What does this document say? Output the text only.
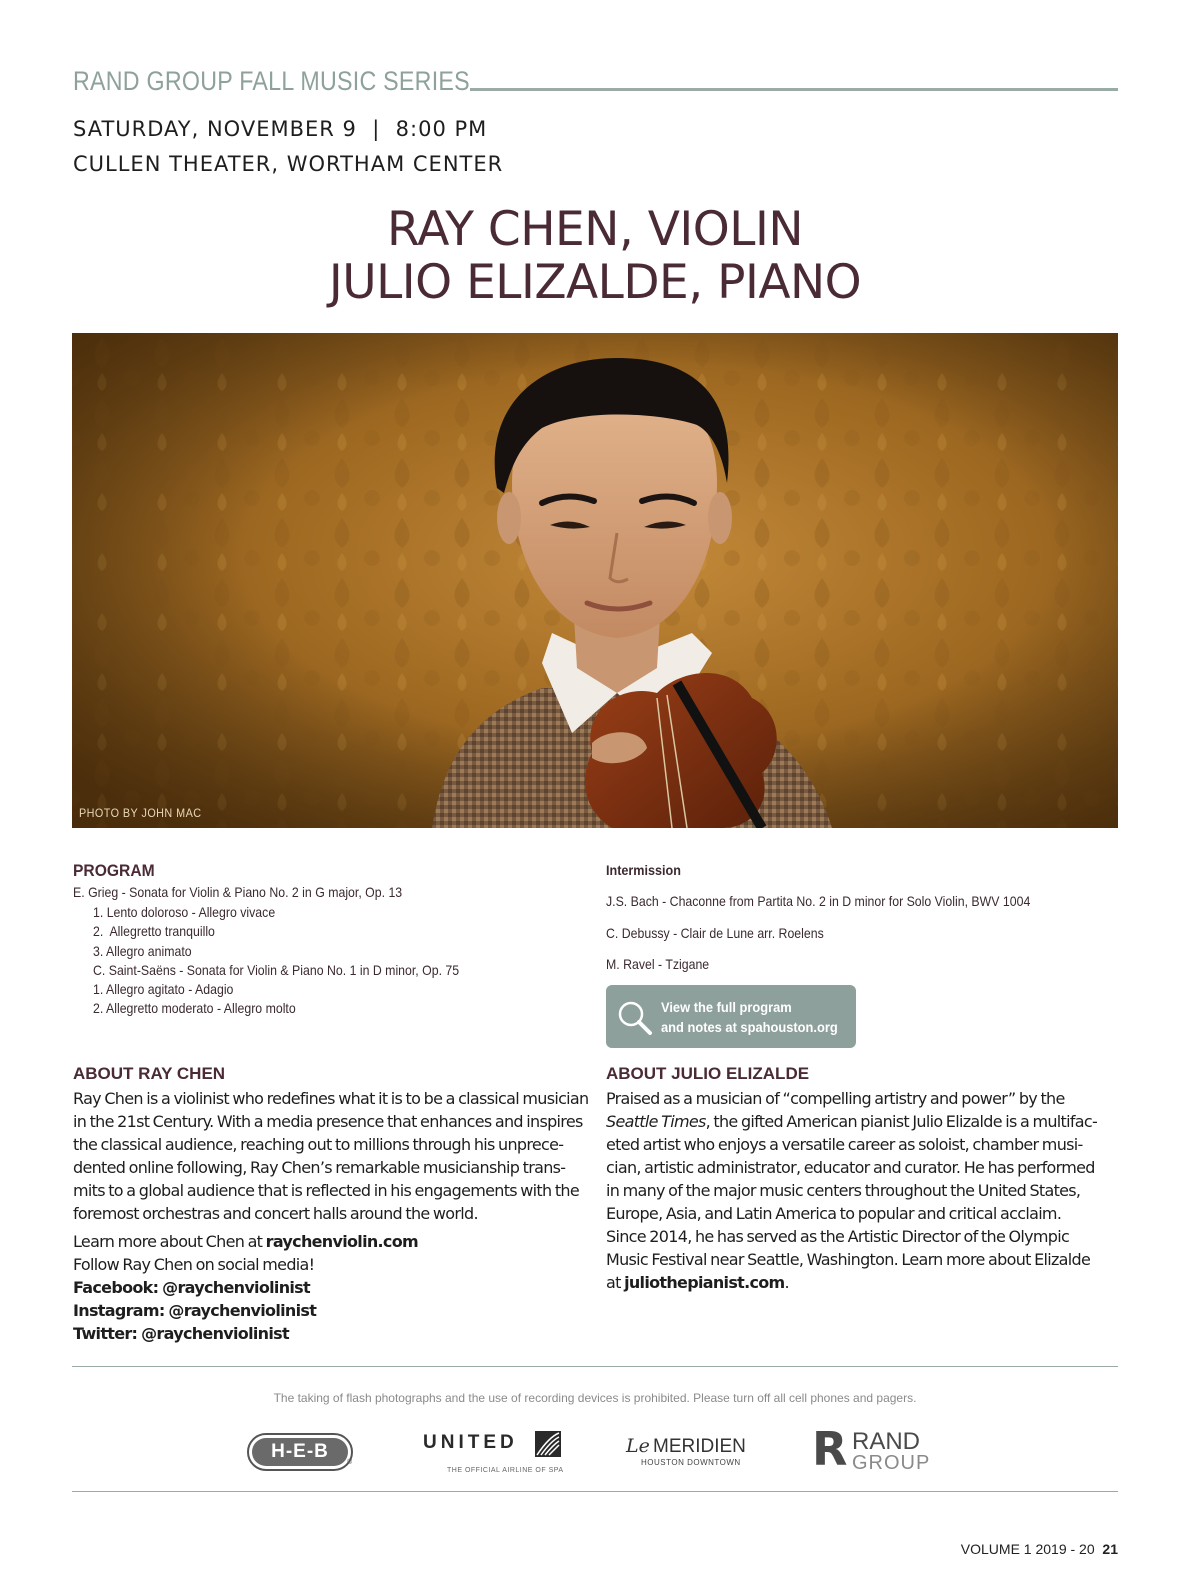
RAND GROUP FALL MUSIC SERIES
SATURDAY, NOVEMBER 9  |  8:00 PM
CULLEN THEATER, WORTHAM CENTER
RAY CHEN, VIOLIN
JULIO ELIZALDE, PIANO
PHOTO BY JOHN MAC
PROGRAM
E. Grieg - Sonata for Violin & Piano No. 2 in G major, Op. 13
1. Lento doloroso - Allegro vivace
2.  Allegretto tranquillo
3. Allegro animato
C. Saint-Saëns - Sonata for Violin & Piano No. 1 in D minor, Op. 75
1. Allegro agitato - Adagio
2. Allegretto moderato - Allegro molto
Intermission
J.S. Bach - Chaconne from Partita No. 2 in D minor for Solo Violin, BWV 1004
C. Debussy - Clair de Lune arr. Roelens
M. Ravel - Tzigane
View the full program
and notes at spahouston.org
ABOUT RAY CHEN
Ray Chen is a violinist who redefines what it is to be a classical musician
in the 21st Century. With a media presence that enhances and inspires
the classical audience, reaching out to millions through his unprece-
dented online following, Ray Chen’s remarkable musicianship trans-
mits to a global audience that is reflected in his engagements with the
foremost orchestras and concert halls around the world.
Learn more about Chen at raychenviolin.com
Follow Ray Chen on social media!
Facebook: @raychenviolinist
Instagram: @raychenviolinist
Twitter: @raychenviolinist
ABOUT JULIO ELIZALDE
Praised as a musician of “compelling artistry and power” by the
Seattle Times, the gifted American pianist Julio Elizalde is a multifac-
eted artist who enjoys a versatile career as soloist, chamber musi-
cian, artistic administrator, educator and curator. He has performed
in many of the major music centers throughout the United States,
Europe, Asia, and Latin America to popular and critical acclaim.
Since 2014, he has served as the Artistic Director of the Olympic
Music Festival near Seattle, Washington. Learn more about Elizalde
at juliothepianist.com.
The taking of flash photographs and the use of recording devices is prohibited. Please turn off all cell phones and pagers.
H-E-B
®
UNITED
THE OFFICIAL AIRLINE OF SPA
Le MERIDIEN
HOUSTON DOWNTOWN R RAND
GROUP
VOLUME 1 2019 - 20 21
